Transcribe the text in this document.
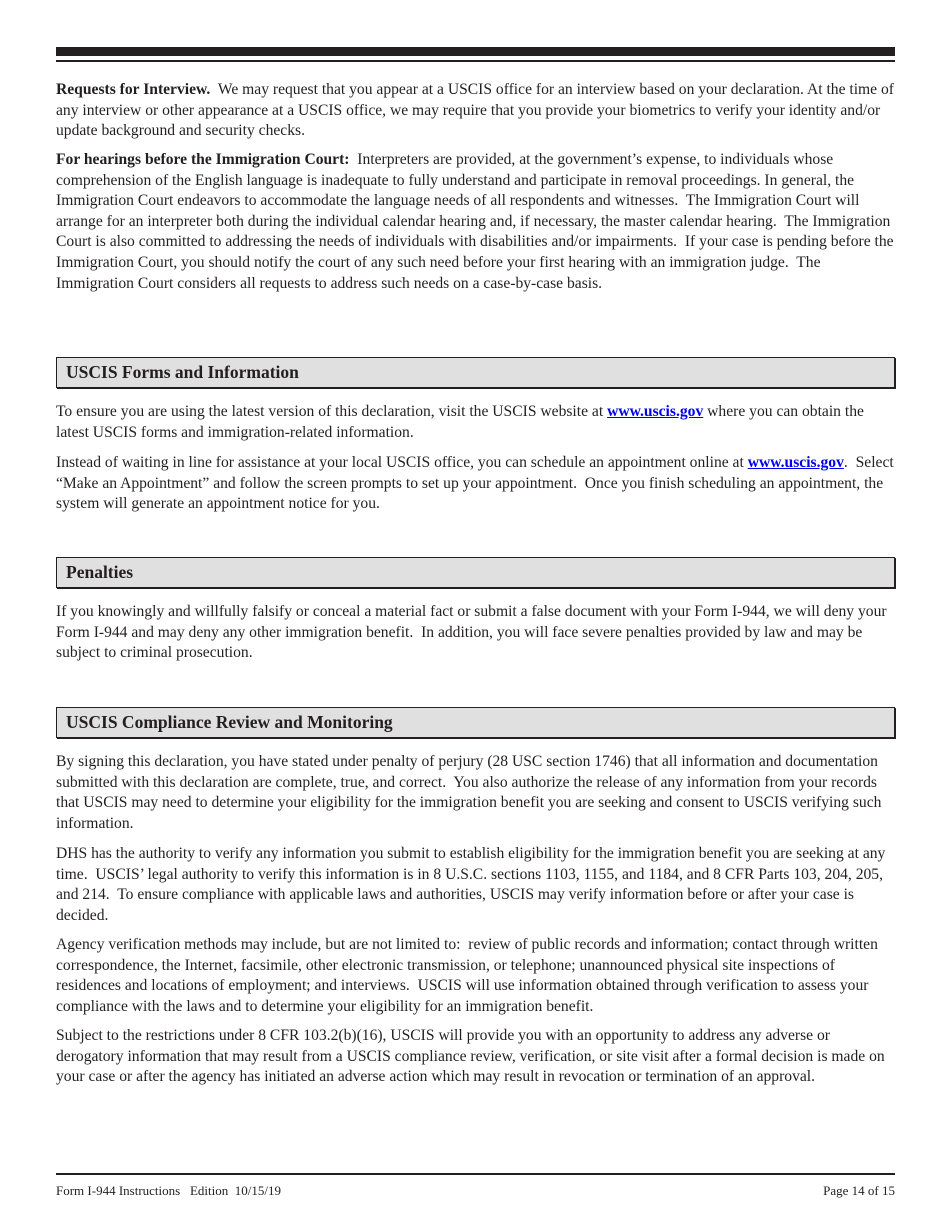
Requests for Interview.  We may request that you appear at a USCIS office for an interview based on your declaration. At the time of any interview or other appearance at a USCIS office, we may require that you provide your biometrics to verify your identity and/or update background and security checks.

For hearings before the Immigration Court:  Interpreters are provided, at the government’s expense, to individuals whose comprehension of the English language is inadequate to fully understand and participate in removal proceedings. In general, the Immigration Court endeavors to accommodate the language needs of all respondents and witnesses.  The Immigration Court will arrange for an interpreter both during the individual calendar hearing and, if necessary, the master calendar hearing.  The Immigration Court is also committed to addressing the needs of individuals with disabilities and/or impairments.  If your case is pending before the Immigration Court, you should notify the court of any such need before your first hearing with an immigration judge.  The Immigration Court considers all requests to address such needs on a case-by-case basis.

USCIS Forms and Information

To ensure you are using the latest version of this declaration, visit the USCIS website at www.uscis.gov where you can obtain the latest USCIS forms and immigration-related information.

Instead of waiting in line for assistance at your local USCIS office, you can schedule an appointment online at www.uscis.gov.  Select “Make an Appointment” and follow the screen prompts to set up your appointment.  Once you finish scheduling an appointment, the system will generate an appointment notice for you.

Penalties

If you knowingly and willfully falsify or conceal a material fact or submit a false document with your Form I-944, we will deny your Form I-944 and may deny any other immigration benefit.  In addition, you will face severe penalties provided by law and may be subject to criminal prosecution.

USCIS Compliance Review and Monitoring

By signing this declaration, you have stated under penalty of perjury (28 USC section 1746) that all information and documentation submitted with this declaration are complete, true, and correct.  You also authorize the release of any information from your records that USCIS may need to determine your eligibility for the immigration benefit you are seeking and consent to USCIS verifying such information.

DHS has the authority to verify any information you submit to establish eligibility for the immigration benefit you are seeking at any time.  USCIS’ legal authority to verify this information is in 8 U.S.C. sections 1103, 1155, and 1184, and 8 CFR Parts 103, 204, 205, and 214.  To ensure compliance with applicable laws and authorities, USCIS may verify information before or after your case is decided.

Agency verification methods may include, but are not limited to:  review of public records and information; contact through written correspondence, the Internet, facsimile, other electronic transmission, or telephone; unannounced physical site inspections of residences and locations of employment; and interviews.  USCIS will use information obtained through verification to assess your compliance with the laws and to determine your eligibility for an immigration benefit.

Subject to the restrictions under 8 CFR 103.2(b)(16), USCIS will provide you with an opportunity to address any adverse or derogatory information that may result from a USCIS compliance review, verification, or site visit after a formal decision is made on your case or after the agency has initiated an adverse action which may result in revocation or termination of an approval.

Form I-944 Instructions   Edition  10/15/19	Page 14 of 15
